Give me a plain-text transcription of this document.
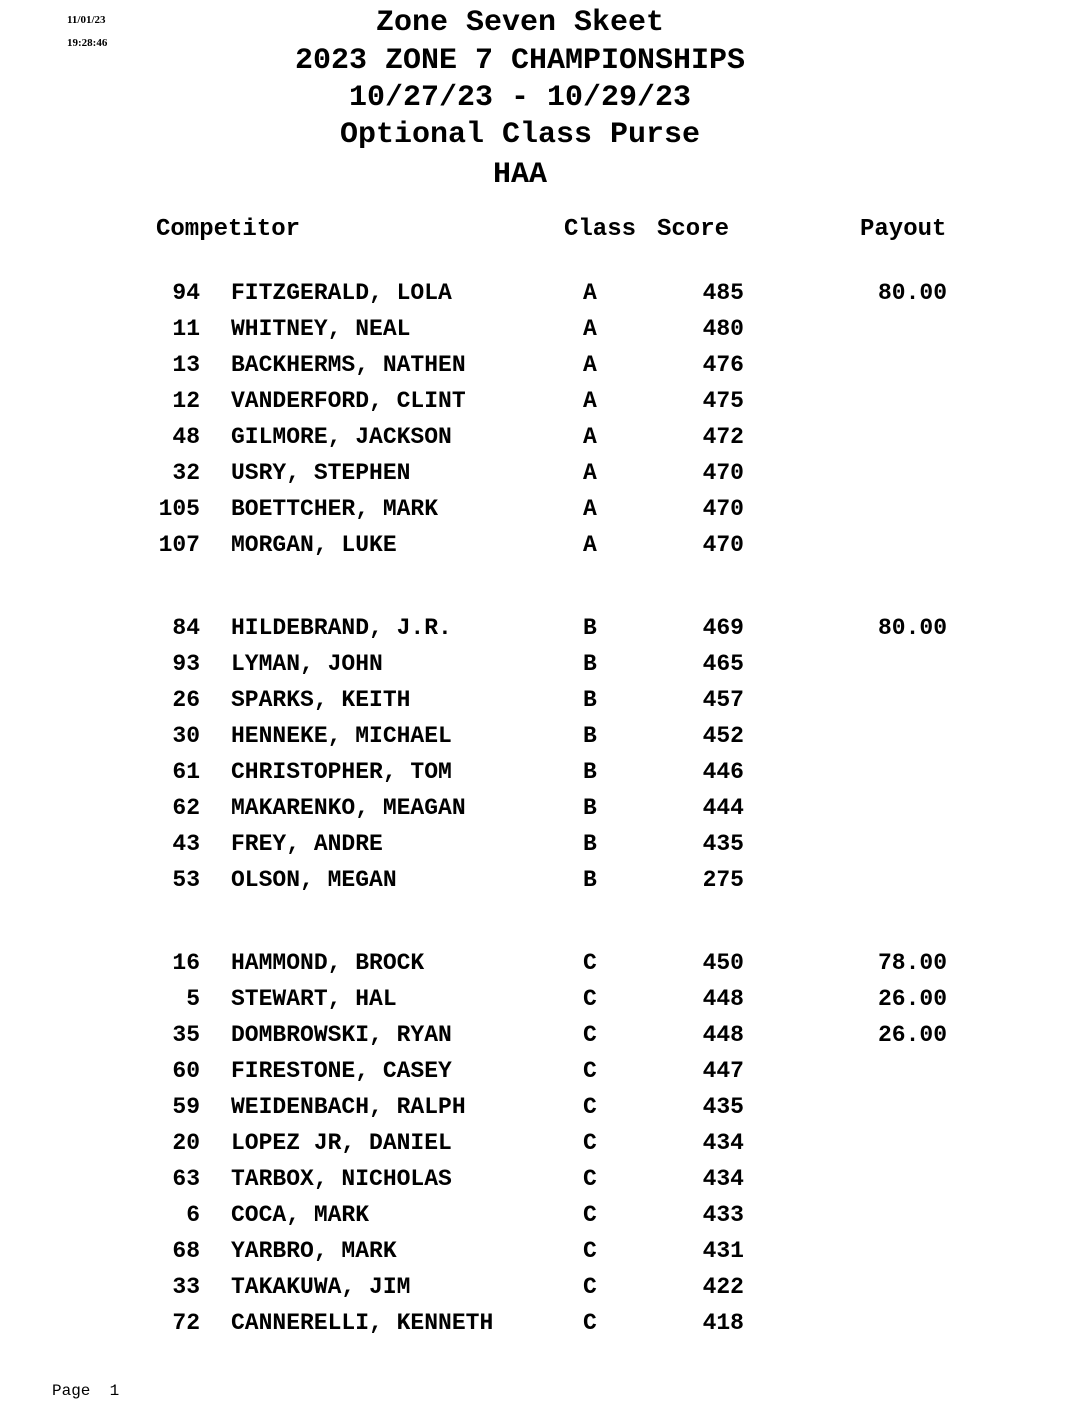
11/01/23
19:28:46
Zone Seven Skeet
2023 ZONE 7 CHAMPIONSHIPS
10/27/23 - 10/29/23
Optional Class Purse
HAA
Competitor	Class Score	Payout
94 FITZGERALD, LOLA	A	485	80.00
11 WHITNEY, NEAL	A	480
13 BACKHERMS, NATHEN	A	476
12 VANDERFORD, CLINT	A	475
48 GILMORE, JACKSON	A	472
32 USRY, STEPHEN	A	470
105 BOETTCHER, MARK	A	470
107 MORGAN, LUKE	A	470
84 HILDEBRAND, J.R.	B	469	80.00
93 LYMAN, JOHN	B	465
26 SPARKS, KEITH	B	457
30 HENNEKE, MICHAEL	B	452
61 CHRISTOPHER, TOM	B	446
62 MAKARENKO, MEAGAN	B	444
43 FREY, ANDRE	B	435
53 OLSON, MEGAN	B	275
16 HAMMOND, BROCK	C	450	78.00
5 STEWART, HAL	C	448	26.00
35 DOMBROWSKI, RYAN	C	448	26.00
60 FIRESTONE, CASEY	C	447
59 WEIDENBACH, RALPH	C	435
20 LOPEZ JR, DANIEL	C	434
63 TARBOX, NICHOLAS	C	434
6 COCA, MARK	C	433
68 YARBRO, MARK	C	431
33 TAKAKUWA, JIM	C	422
72 CANNERELLI, KENNETH	C	418
Page 1
